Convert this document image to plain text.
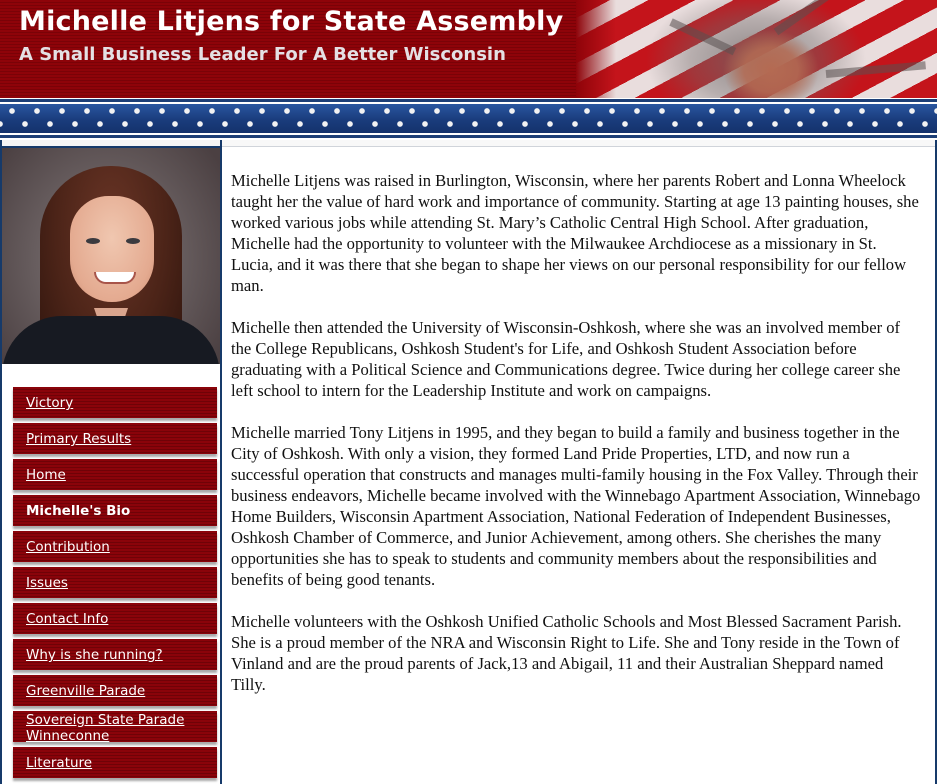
Michelle Litjens for State Assembly
A Small Business Leader For A Better Wisconsin
Victory
Primary Results
Home
Michelle's Bio
Contribution
Issues
Contact Info
Why is she running?
Greenville Parade
Sovereign State Parade Winneconne
Literature

Michelle Litjens was raised in Burlington, Wisconsin, where her parents Robert and Lonna Wheelock taught her the value of hard work and importance of community. Starting at age 13 painting houses, she worked various jobs while attending St. Mary’s Catholic Central High School. After graduation, Michelle had the opportunity to volunteer with the Milwaukee Archdiocese as a missionary in St. Lucia, and it was there that she began to shape her views on our personal responsibility for our fellow man.

Michelle then attended the University of Wisconsin-Oshkosh, where she was an involved member of the College Republicans, Oshkosh Student's for Life, and Oshkosh Student Association before graduating with a Political Science and Communications degree. Twice during her college career she left school to intern for the Leadership Institute and work on campaigns.

Michelle married Tony Litjens in 1995, and they began to build a family and business together in the City of Oshkosh. With only a vision, they formed Land Pride Properties, LTD, and now run a successful operation that constructs and manages multi-family housing in the Fox Valley. Through their business endeavors, Michelle became involved with the Winnebago Apartment Association, Winnebago Home Builders, Wisconsin Apartment Association, National Federation of Independent Businesses, Oshkosh Chamber of Commerce, and Junior Achievement, among others. She cherishes the many opportunities she has to speak to students and community members about the responsibilities and benefits of being good tenants.

Michelle volunteers with the Oshkosh Unified Catholic Schools and Most Blessed Sacrament Parish. She is a proud member of the NRA and Wisconsin Right to Life. She and Tony reside in the Town of Vinland and are the proud parents of Jack,13 and Abigail, 11 and their Australian Sheppard named Tilly.
